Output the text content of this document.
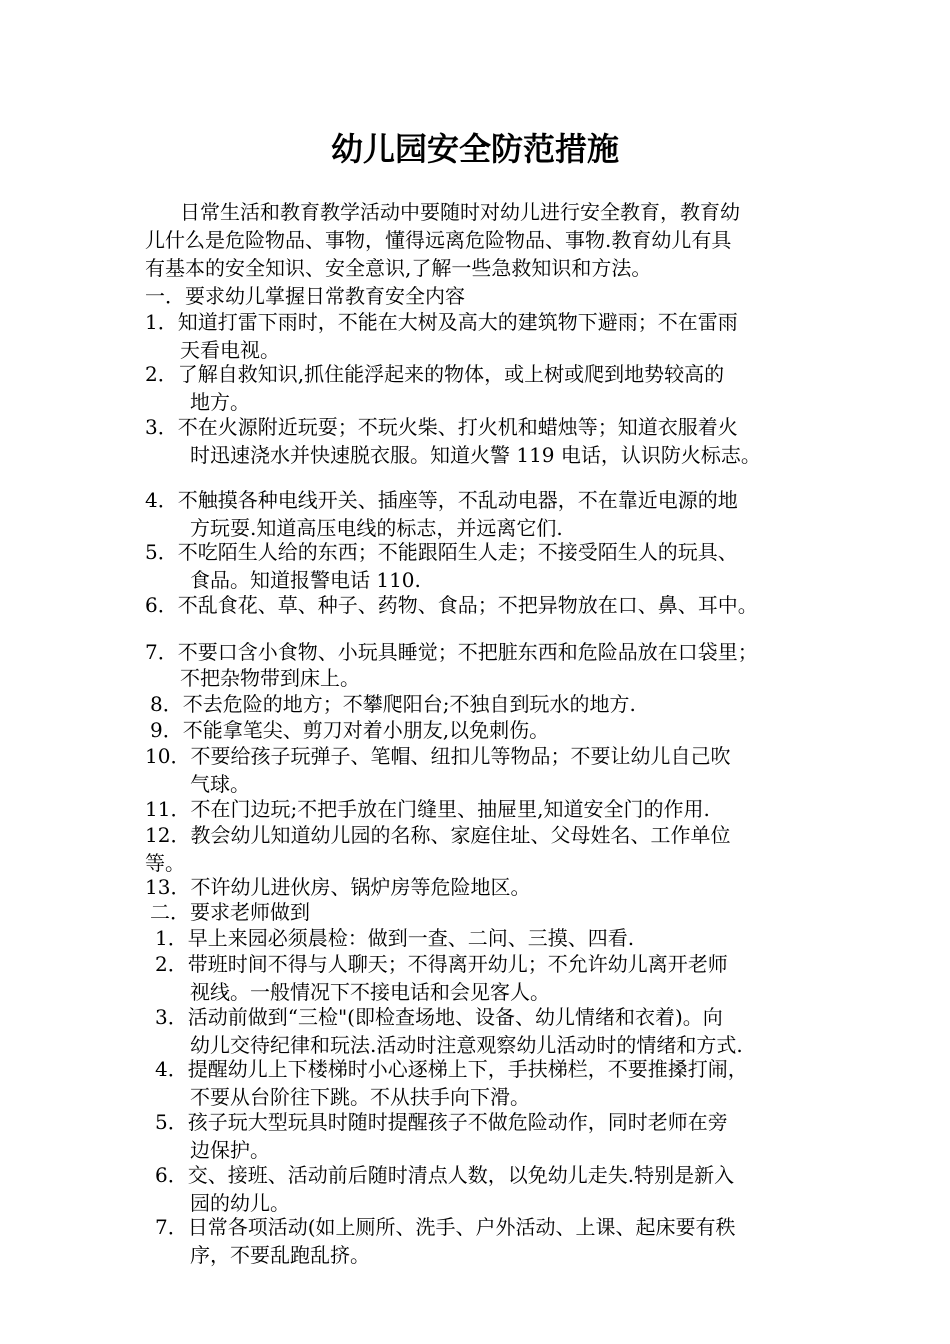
幼儿园安全防范措施

日常生活和教育教学活动中要随时对幼儿进行安全教育，教育幼

儿什么是危险物品、事物，懂得远离危险物品、事物.教育幼儿有具

有基本的安全知识、安全意识,了解一些急救知识和方法。

一．要求幼儿掌握日常教育安全内容

1．知道打雷下雨时，不能在大树及高大的建筑物下避雨；不在雷雨

天看电视。

2．了解自救知识,抓住能浮起来的物体，或上树或爬到地势较高的

地方。

3．不在火源附近玩耍；不玩火柴、打火机和蜡烛等；知道衣服着火

时迅速浇水并快速脱衣服。知道火警 119 电话，认识防火标志。

4．不触摸各种电线开关、插座等，不乱动电器，不在靠近电源的地

方玩耍.知道高压电线的标志，并远离它们.

5．不吃陌生人给的东西；不能跟陌生人走；不接受陌生人的玩具、

食品。知道报警电话 110.

6．不乱食花、草、种子、药物、食品；不把异物放在口、鼻、耳中。

7．不要口含小食物、小玩具睡觉；不把脏东西和危险品放在口袋里；

不把杂物带到床上。

8．不去危险的地方；不攀爬阳台;不独自到玩水的地方.

9．不能拿笔尖、剪刀对着小朋友,以免刺伤。

10．不要给孩子玩弹子、笔帽、纽扣儿等物品；不要让幼儿自己吹

气球。

11．不在门边玩;不把手放在门缝里、抽屉里,知道安全门的作用.

12．教会幼儿知道幼儿园的名称、家庭住址、父母姓名、工作单位

等。

13．不许幼儿进伙房、锅炉房等危险地区。

二．要求老师做到

1．早上来园必须晨检：做到一查、二问、三摸、四看.

2．带班时间不得与人聊天；不得离开幼儿；不允许幼儿离开老师

视线。一般情况下不接电话和会见客人。

3．活动前做到“三检"(即检查场地、设备、幼儿情绪和衣着)。向

幼儿交待纪律和玩法.活动时注意观察幼儿活动时的情绪和方式.

4．提醒幼儿上下楼梯时小心逐梯上下，手扶梯栏，不要推搡打闹，

不要从台阶往下跳。不从扶手向下滑。

5．孩子玩大型玩具时随时提醒孩子不做危险动作，同时老师在旁

边保护。

6．交、接班、活动前后随时清点人数，以免幼儿走失.特别是新入

园的幼儿。

7．日常各项活动(如上厕所、洗手、户外活动、上课、起床要有秩

序，不要乱跑乱挤。
